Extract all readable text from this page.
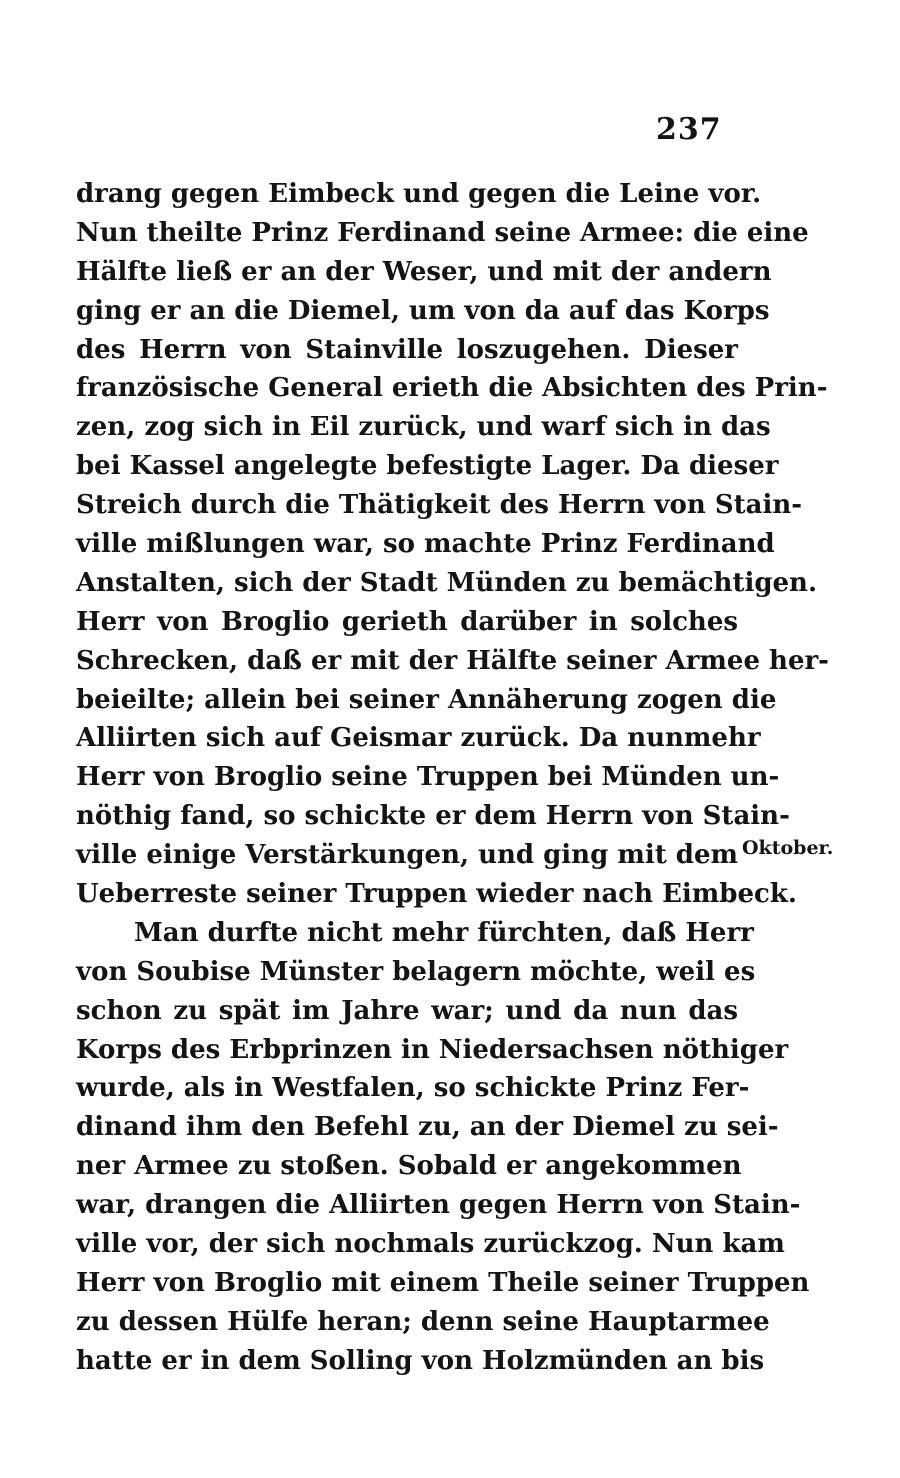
237
drang gegen Eimbeck und gegen die Leine vor.
Nun theilte Prinz Ferdinand seine Armee: die eine
Hälfte ließ er an der Weser, und mit der andern
ging er an die Diemel, um von da auf das Korps
des Herrn von Stainville loszugehen. Dieser
französische General erieth die Absichten des Prin-
zen, zog sich in Eil zurück, und warf sich in das
bei Kassel angelegte befestigte Lager. Da dieser
Streich durch die Thätigkeit des Herrn von Stain-
ville mißlungen war, so machte Prinz Ferdinand
Anstalten, sich der Stadt Münden zu bemächtigen.
Herr von Broglio gerieth darüber in solches
Schrecken, daß er mit der Hälfte seiner Armee her-
beieilte; allein bei seiner Annäherung zogen die
Alliirten sich auf Geismar zurück. Da nunmehr
Herr von Broglio seine Truppen bei Münden un-
nöthig fand, so schickte er dem Herrn von Stain-
ville einige Verstärkungen, und ging mit dem
Ueberreste seiner Truppen wieder nach Eimbeck.
Man durfte nicht mehr fürchten, daß Herr
von Soubise Münster belagern möchte, weil es
schon zu spät im Jahre war; und da nun das
Korps des Erbprinzen in Niedersachsen nöthiger
wurde, als in Westfalen, so schickte Prinz Fer-
dinand ihm den Befehl zu, an der Diemel zu sei-
ner Armee zu stoßen. Sobald er angekommen
war, drangen die Alliirten gegen Herrn von Stain-
ville vor, der sich nochmals zurückzog. Nun kam
Herr von Broglio mit einem Theile seiner Truppen
zu dessen Hülfe heran; denn seine Hauptarmee
hatte er in dem Solling von Holzmünden an bis
Oktober.
